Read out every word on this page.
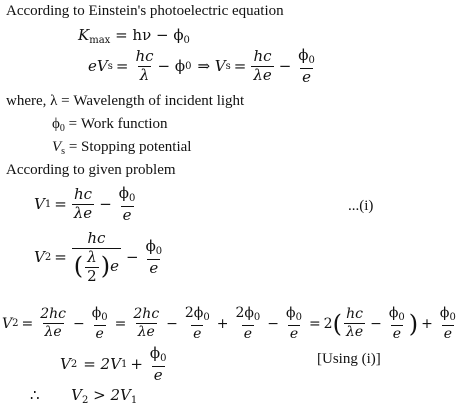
According to Einstein's photoelectric equation
$K_{max} = h\nu - \phi_0$
eV $s = \frac{hc}{\lambda} - \phi$ 0 ⇒ V $s = \frac{hc}{\lambda e} - \frac{\phi_0}{e}$
where, λ = Wavelength of incident light
$\phi_0$ = Work function
$V_s$ = Stopping potential
According to given problem
V $1 = \frac{hc}{\lambda e} - \frac{\phi_0}{e}$	...(i)
V $2 = \frac{hc}{( \frac{\lambda}{2} ) e} - \frac{\phi_0}{e}$
V $2 = \frac{2hc}{\lambda e} - \frac{\phi_0}{e} = \frac{2hc}{\lambda e} - \frac{2\phi_0}{e} + \frac{2\phi_0}{e} - \frac{\phi_0}{e} = 2$ ( $\frac{hc}{\lambda e} - \frac{\phi_0}{e}$ ) + $\frac{\phi_0}{e}$
V 2 = 2V $1 + \frac{\phi_0}{e}$	[Using (i)]
∴ $V_2 > 2V_1$
